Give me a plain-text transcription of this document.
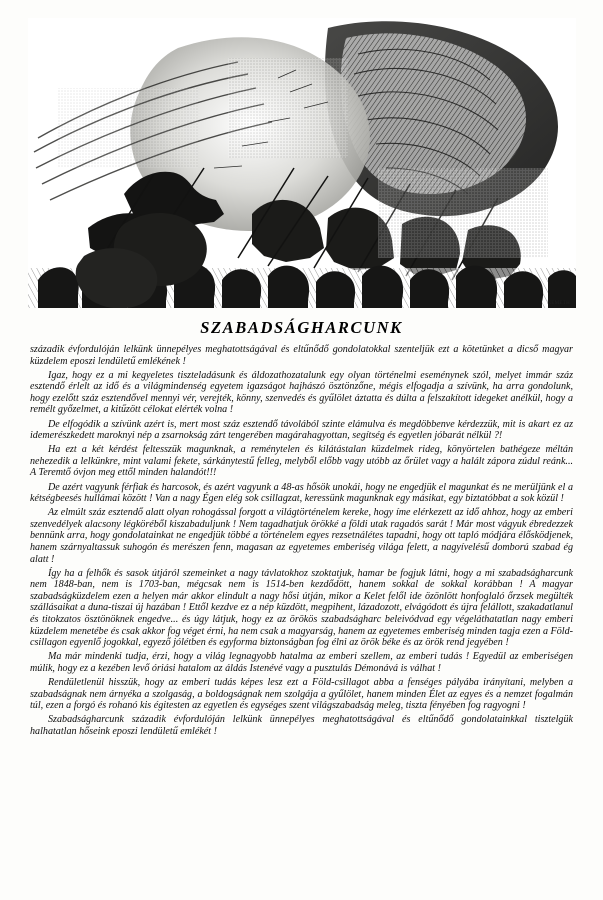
NEMETH
SZABADSÁGHARCUNK

századik évfordulóján lelkünk ünnepélyes meghatottságával és eltűnődő gondolatokkal szenteljük ezt a kötetünket a dicső magyar küzdelem eposzi lendületű emlékének !

Igaz, hogy ez a mi kegyeletes tiszteladásunk és áldozathozatalunk egy olyan történelmi eseménynek szól, melyet immár száz esztendő érlelt az idő és a világmindenség egyetem igazságot hajhászó ösztönzőne, mégis elfogadja a szívünk, ha arra gondolunk, hogy ezelőtt száz esztendővel mennyi vér, verejték, könny, szenvedés és gyűlölet áztatta és dúlta a felszakított idegeket anélkül, hogy a remélt győzelmet, a kitűzött célokat elérték volna !

De elfogódik a szívünk azért is, mert most száz esztendő távolából szinte elámulva és megdöbbenve kérdezzük, mit is akart ez az idemerészkedett maroknyi nép a zsarnokság zárt tengerében magárahagyottan, segítség és egyetlen jóbarát nélkül ?!

Ha ezt a két kérdést feltesszük magunknak, a reménytelen és kilátástalan küzdelmek rideg, könyörtelen bathégeze méltán nehezedik a lelkünkre, mint valami fekete, sárkánytestű felleg, melyből előbb vagy utóbb az őrület vagy a halált zápora zúdul reánk... A Teremtő óvjon meg ettől minden halandót!!!

De azért vagyunk férfiak és harcosok, és azért vagyunk a 48-as hősök unokái, hogy ne engedjük el magunkat és ne merüljünk el a kétségbeesés hullámai között ! Van a nagy Égen elég sok csillagzat, keressünk magunknak egy másikat, egy biztatóbbat a sok közül !

Az elmúlt száz esztendő alatt olyan rohogással forgott a világtörténelem kereke, hogy íme elérkezett az idő ahhoz, hogy az emberi szenvedélyek alacsony légköréből kiszabaduljunk ! Nem tagadhatjuk örökké a földi utak ragadós sarát ! Már most vágyuk ébredezzek bennünk arra, hogy gondolatainkat ne engedjük többé a történelem egyes rezsetnálétes tapadni, hogy ott tapló módjára élősködjenek, hanem szárnyaltassuk suhogón és merészen fenn, magasan az egyetemes emberiség világa felett, a nagyívelésű domború szabad ég alatt !

Így ha a felhők és sasok útjáról szemeinket a nagy távlatokhoz szoktatjuk, hamar be fogjuk látni, hogy a mi szabadságharcunk nem 1848-ban, nem is 1703-ban, mégcsak nem is 1514-ben kezdődött, hanem sokkal de sokkal korábban ! A magyar szabadságküzdelem ezen a helyen már akkor elindult a nagy hősi útján, mikor a Kelet felől ide özönlött honfoglaló őrzsek megülték szállásaikat a duna-tiszai új hazában ! Ettől kezdve ez a nép küzdött, megpihent, lázadozott, elvágódott és újra felállott, szakadatlanul és titokzatos ösztönöknek engedve... és úgy látjuk, hogy ez az örökös szabadságharc beleivódvad egy végeláthatatlan nagy emberi küzdelem menetébe és csak akkor fog véget érni, ha nem csak a magyarság, hanem az egyetemes emberiség minden tagja ezen a Föld-csillagon egyenlő jogokkal, egyező jólétben és egyforma biztonságban fog élni az örök béke és az örök rend jegyében !

Ma már mindenki tudja, érzi, hogy a világ legnagyobb hatalma az emberi szellem, az emberi tudás ! Egyedül az emberiségen múlik, hogy ez a kezében levő óriási hatalom az áldás Istenévé vagy a pusztulás Démonává is válhat !

Rendületlenül hisszük, hogy az emberi tudás képes lesz ezt a Föld-csillagot abba a fenséges pályába irányítani, melyben a szabadságnak nem árnyéka a szolgaság, a boldogságnak nem szolgája a gyűlölet, hanem minden Élet az egyes és a nemzet fogalmán túl, ezen a forgó és rohanó kis égitesten az egyetlen és egységes szent világszabadság meleg, tiszta fényében fog ragyogni !

Szabadságharcunk századik évfordulóján lelkünk ünnepélyes meghatottságával és eltűnődő gondolatainkkal tisztelgük halhatatlan hőseink eposzi lendületű emlékét !
